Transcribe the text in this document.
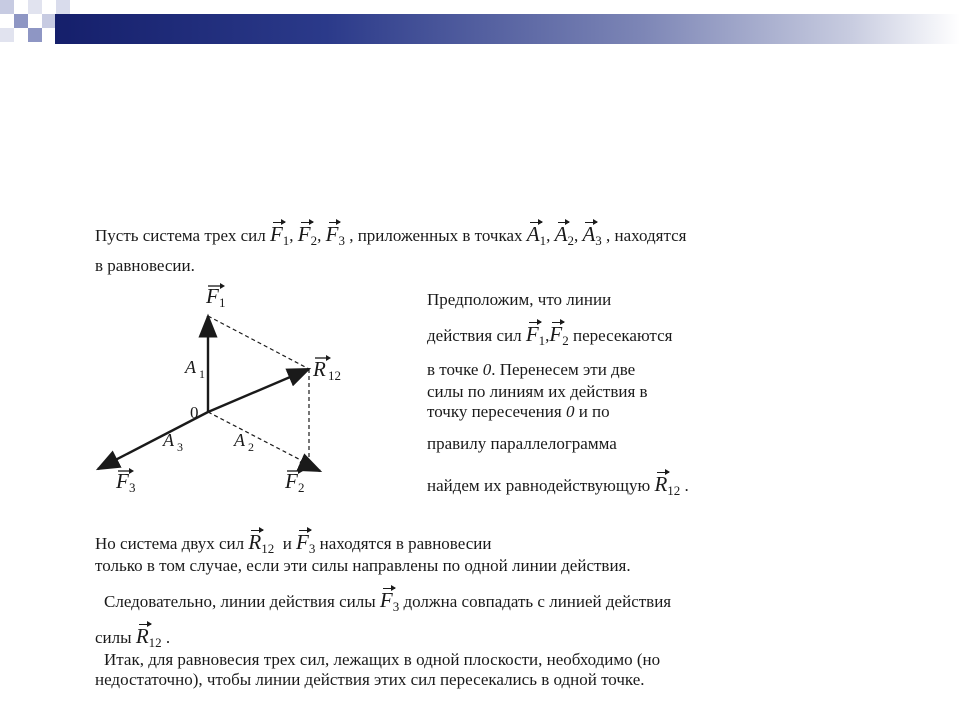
Пусть система трех сил $F_1$, $F_2$, $F_3$ , приложенных в точках $A_1$, $A_2$, $A_3$ , находятся
в равновесии.
F 1
R 12
A 1
0
A 3	A 2
F 3	F 2
Предположим, что линии
действия сил $F_1,F_2$ пересекаются
в точке 0. Перенесем эти две
силы по линиям их действия в
точку пересечения 0 и по
правилу параллелограмма
найдем их равнодействующую $R_{12}$ .
Но система двух сил $R_{12}$ и $F_3$ находятся в равновесии
только в том случае, если эти силы направлены по одной линии действия.
Следовательно, линии действия силы $F_3$ должна совпадать с линией действия
силы $R_{12}$ .
Итак, для равновесия трех сил, лежащих в одной плоскости, необходимо (но
недостаточно), чтобы линии действия этих сил пересекались в одной точке.
